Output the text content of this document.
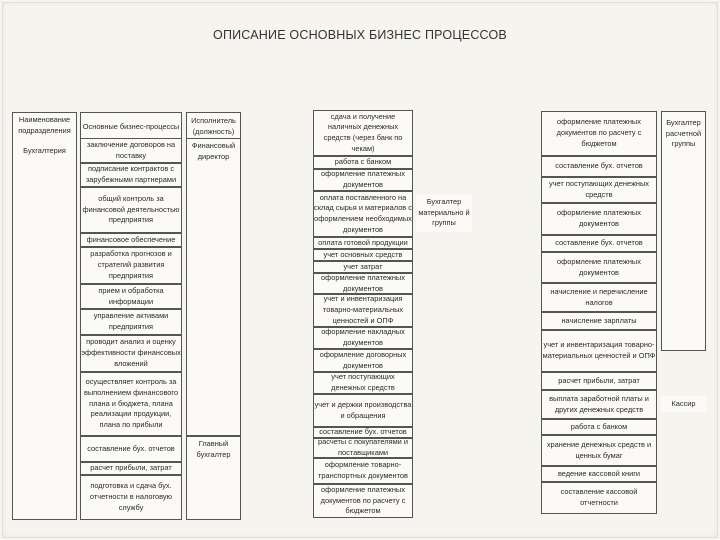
ОПИСАНИЕ ОСНОВНЫХ БИЗНЕС ПРОЦЕССОВ
Наименование подразделения
Бухгалтерия
Основные бизнес-процессы
заключение договоров на поставку
подписание контрактов с зарубежными партнерами
общий контроль за финансовой деятельностью предприятия
финансовое обеспечение
разработка прогнозов и стратегий развития предприятия
прием и обработка информации
управление активами предприятия
проводит анализ и оценку эффективности финансовых вложений
осуществляет контроль за выполнением финансового плана и бюджета, плана реализации продукции, плана по прибыли
составление бух. отчетов
расчет прибыли, затрат
подготовка и сдача бух. отчетности в налоговую службу
Исполнитель (должность)
Финансовый директор
Главный бухгалтер
сдача и получение наличных денежных средств (через банк по чекам)
работа с банком
оформление платежных документов
оплата поставленного на склад сырья и материалов с оформлением необходимых документов
оплата готовой продукции
учет основных средств
учет затрат
оформление платежных документов
учет и инвентаризация товарно-материальных ценностей и ОПФ
оформление накладных документов
оформление договорных документов
учет поступающих денежных средств
учет и держки производства и обращения
составление бух. отчетов
расчеты с покупателями и поставщиками
оформление товарно-транспортных документов
оформление платежных документов по расчету с бюджетом
Бухгалтер материально й группы
оформление платежных документов по расчету с бюджетом
составление бух. отчетов
учет поступающих денежных средств
оформление платежных документов
составление бух. отчетов
оформление платежных документов
начисление и перечисление налогов
начисление зарплаты
учет и инвентаризация товарно-материальных ценностей и ОПФ
расчет прибыли, затрат
выплата заработной платы и других денежных средств
работа с банком
хранение денежных средств и ценных бумаг
ведение кассовой книги
составление кассовой отчетности
Бухгалтер расчетной группы
Кассир
